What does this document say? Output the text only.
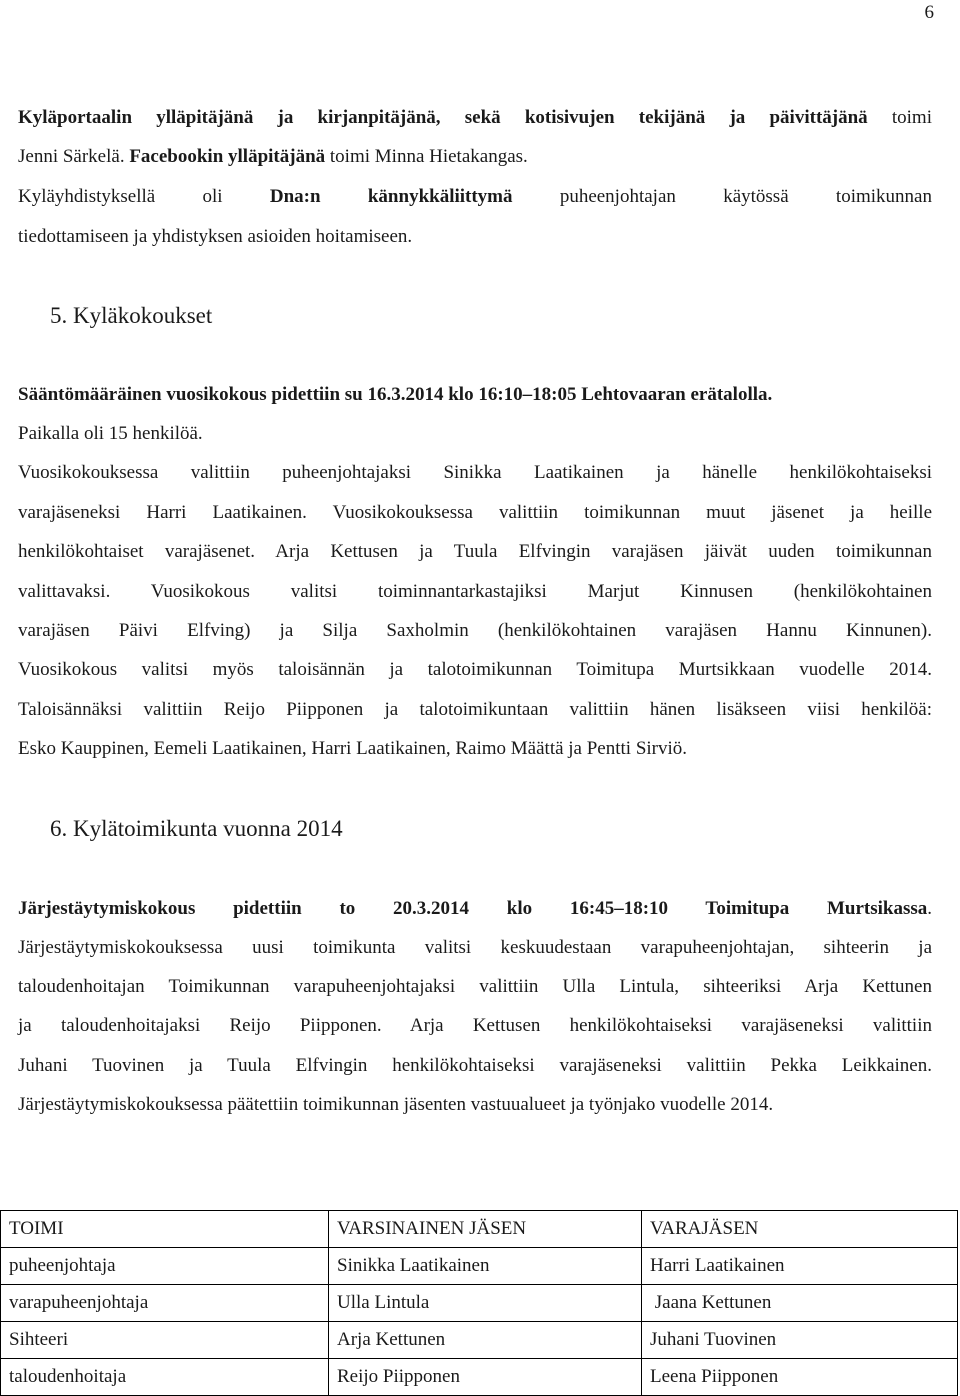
6
Kyläportaalin ylläpitäjänä ja kirjanpitäjänä, sekä kotisivujen tekijänä ja päivittäjänä toimi
Jenni Särkelä. Facebookin ylläpitäjänä toimi Minna Hietakangas.
Kyläyhdistyksellä oli Dna:n kännykkäliittymä puheenjohtajan käytössä toimikunnan
tiedottamiseen ja yhdistyksen asioiden hoitamiseen.
5. Kyläkokoukset
Sääntömääräinen vuosikokous pidettiin su 16.3.2014 klo 16:10–18:05 Lehtovaaran erätalolla.
Paikalla oli 15 henkilöä.
Vuosikokouksessa valittiin puheenjohtajaksi Sinikka Laatikainen ja hänelle henkilökohtaiseksi
varajäseneksi Harri Laatikainen. Vuosikokouksessa valittiin toimikunnan muut jäsenet ja heille
henkilökohtaiset varajäsenet. Arja Kettusen ja Tuula Elfvingin varajäsen jäivät uuden toimikunnan
valittavaksi. Vuosikokous valitsi toiminnantarkastajiksi Marjut Kinnusen (henkilökohtainen
varajäsen Päivi Elfving) ja Silja Saxholmin (henkilökohtainen varajäsen Hannu Kinnunen).
Vuosikokous valitsi myös taloisännän ja talotoimikunnan Toimitupa Murtsikkaan vuodelle 2014.
Taloisännäksi valittiin Reijo Piipponen ja talotoimikuntaan valittiin hänen lisäkseen viisi henkilöä:
Esko Kauppinen, Eemeli Laatikainen, Harri Laatikainen, Raimo Määttä ja Pentti Sirviö.
6. Kylätoimikunta vuonna 2014
Järjestäytymiskokous pidettiin to 20.3.2014 klo 16:45–18:10 Toimitupa Murtsikassa.
Järjestäytymiskokouksessa uusi toimikunta valitsi keskuudestaan varapuheenjohtajan, sihteerin ja
taloudenhoitajan Toimikunnan varapuheenjohtajaksi valittiin Ulla Lintula, sihteeriksi Arja Kettunen
ja taloudenhoitajaksi Reijo Piipponen. Arja Kettusen henkilökohtaiseksi varajäseneksi valittiin
Juhani Tuovinen ja Tuula Elfvingin henkilökohtaiseksi varajäseneksi valittiin Pekka Leikkainen.
Järjestäytymiskokouksessa päätettiin toimikunnan jäsenten vastuualueet ja työnjako vuodelle 2014.
TOIMI	VARSINAINEN JÄSEN	VARAJÄSEN
puheenjohtaja	Sinikka Laatikainen	Harri Laatikainen
varapuheenjohtaja	Ulla Lintula	Jaana Kettunen
Sihteeri	Arja Kettunen	Juhani Tuovinen
taloudenhoitaja	Reijo Piipponen	Leena Piipponen
